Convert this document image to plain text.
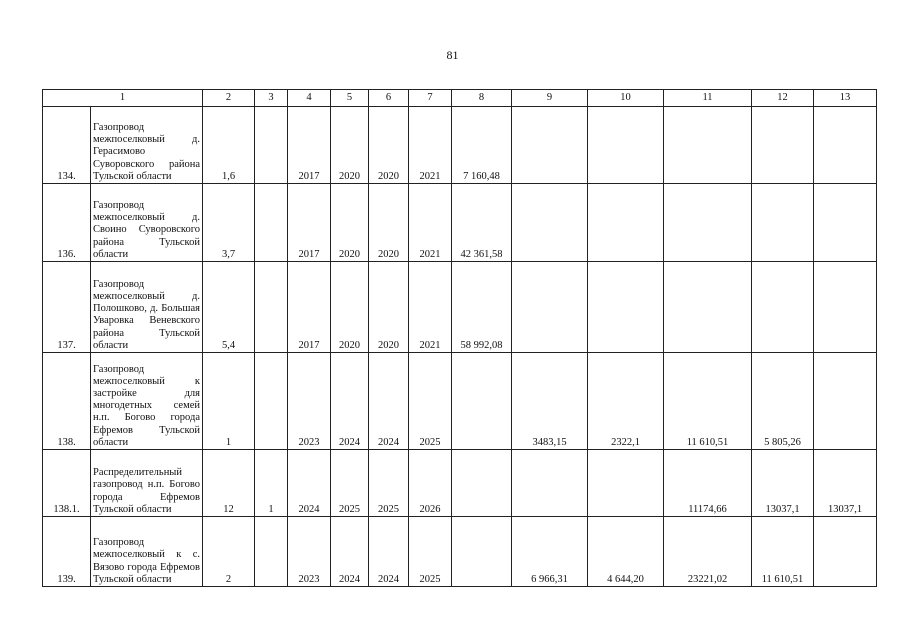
81
1		2	3	4	5	6	7	8	9	10	11	12	13
134.	Газопровод межпоселковый д. Герасимово Суворовского района Тульской области	1,6		2017	2020	2020	2021	7 160,48					
136.	Газопровод межпоселковый д. Своино Суворовского района Тульской области	3,7		2017	2020	2020	2021	42 361,58					
137.	Газопровод межпоселковый д. Полошково, д. Большая Уваровка Веневского района Тульской области	5,4		2017	2020	2020	2021	58 992,08					
138.	Газопровод межпоселковый к застройке для многодетных семей н.п. Богово города Ефремов Тульской области	1		2023	2024	2024	2025		3483,15	2322,1	11 610,51	5 805,26	
138.1.	Распределительный газопровод н.п. Богово города Ефремов Тульской области	12	1	2024	2025	2025	2026				11174,66	13037,1	13037,1
139.	Газопровод межпоселковый к с. Вязово города Ефремов Тульской области	2		2023	2024	2024	2025		6 966,31	4 644,20	23221,02	11 610,51	
